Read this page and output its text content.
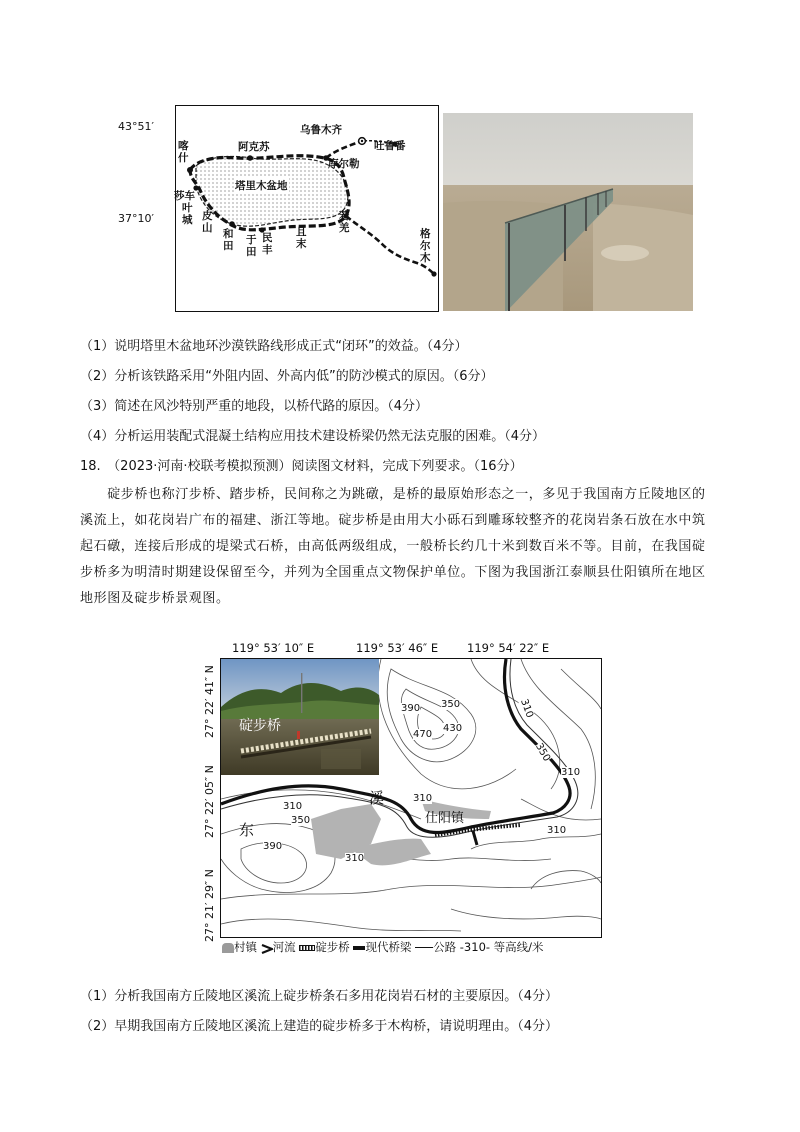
43°51′
37°10′
乌鲁木齐
吐鲁番
库尔勒
阿克苏
喀什
莎车
叶城 皮山 和田 于田
民丰
且末
若羌	格尔木
塔里木盆地
（1）说明塔里木盆地环沙漠铁路线形成正式“闭环”的效益。（4分）
（2）分析该铁路采用“外阻内固、外高内低”的防沙模式的原因。（6分）
（3）简述在风沙特别严重的地段，以桥代路的原因。（4分）
（4）分析运用装配式混凝土结构应用技术建设桥梁仍然无法克服的困难。（4分）
18.　（2023·河南·校联考模拟预测）阅读图文材料，完成下列要求。（16分）
　　碇步桥也称汀步桥、踏步桥，民间称之为跳礅，是桥的最原始形态之一，多见于我国南方丘陵地区的
溪流上，如花岗岩广布的福建、浙江等地。碇步桥是由用大小砾石到雕琢较整齐的花岗岩条石放在水中筑
起石礅，连接后形成的堤梁式石桥，由高低两级组成，一般桥长约几十米到数百米不等。目前，在我国碇
步桥多为明清时期建设保留至今，并列为全国重点文物保护单位。下图为我国浙江泰顺县仕阳镇所在地区
地形图及碇步桥景观图。
119° 53′ 10″ E	119° 53′ 46″ E	119° 54′ 22″ E
27° 22′ 41″ N
27° 22′ 05″ N
27° 21′ 29″ N
390 350
470
430
310
350
310
310
310
350
390
310
310
东
溪
仕阳镇
碇步桥
村镇 河流 碇步桥 现代桥梁 公路 -310- 等高线/米
（1）分析我国南方丘陵地区溪流上碇步桥条石多用花岗岩石材的主要原因。（4分）
（2）早期我国南方丘陵地区溪流上建造的碇步桥多于木构桥，请说明理由。（4分）
